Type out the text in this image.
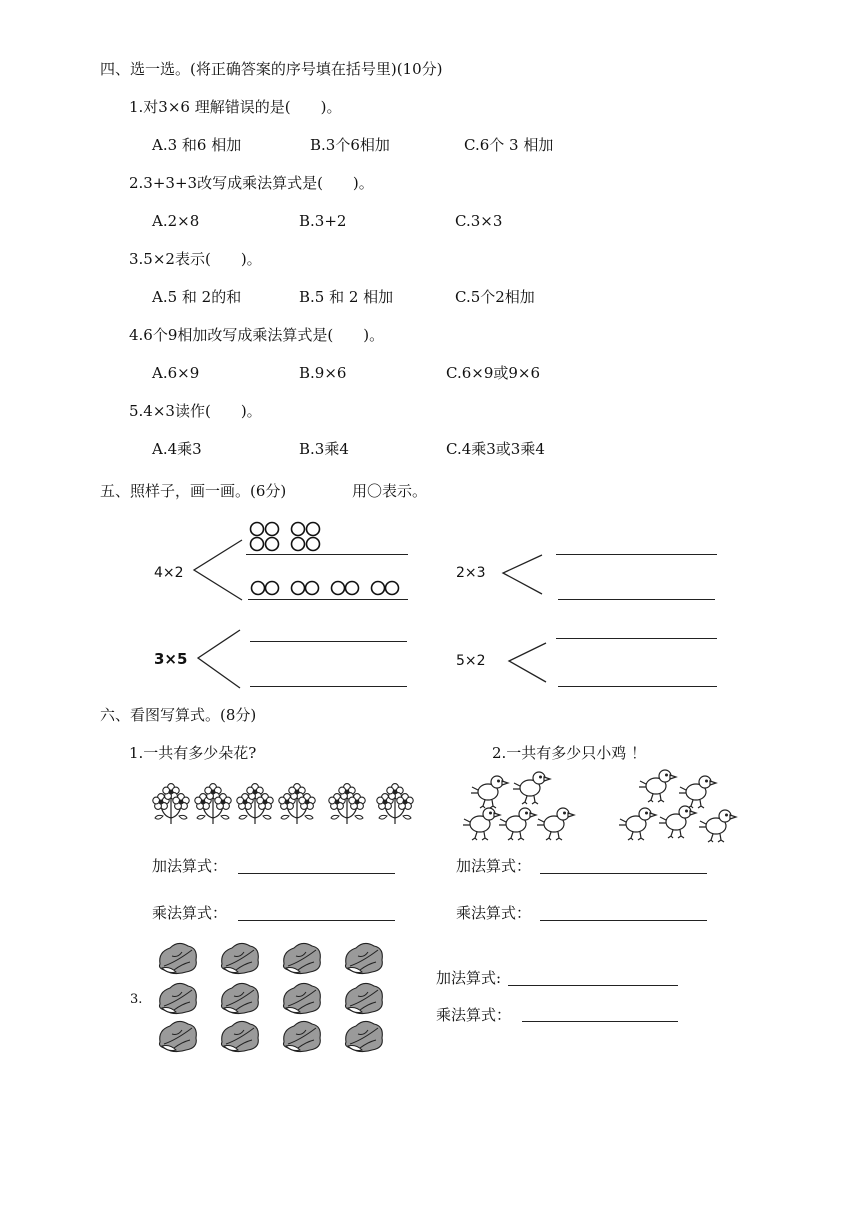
四、选一选。(将正确答案的序号填在括号里)(10分)
1.对3×6 理解错误的是(　　)。
A.3 和6 相加	B.3个6相加	C.6个 3 相加
2.3+3+3改写成乘法算式是(　　)。
A.2×8	B.3+2	C.3×3
3.5×2表示(　　)。
A.5 和 2的和	B.5 和 2 相加	C.5个2相加
4.6个9相加改写成乘法算式是(　　)。
A.6×9	B.9×6	C.6×9或9×6
5.4×3读作(　　)。
A.4乘3	B.3乘4	C.4乘3或3乘4
五、照样子，画一画。(6分)	用〇表示。
4×2
3×5
2×3
5×2
六、看图写算式。(8分)
1.一共有多少朵花?	2.一共有多少只小鸡 ！
加法算式：	加法算式：
乘法算式：	乘法算式：
3.
加法算式:
乘法算式：
